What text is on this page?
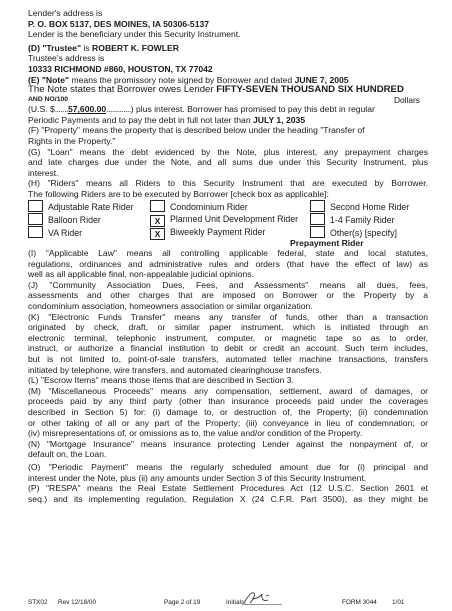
Lender's address is
P. O. BOX 5137, DES MOINES, IA 50306-5137
Lender is the beneficiary under this Security Instrument.
(D) "Trustee" is ROBERT K. FOWLER
Trustee's address is
10333 RICHMOND #860, HOUSTON, TX 77042
(E) "Note" means the promissory note signed by Borrower and dated JUNE 7, 2005
The Note states that Borrower owes Lender FIFTY-SEVEN THOUSAND SIX HUNDRED
AND NO/100	Dollars
(U.S. $.......57,600.00.............) plus interest. Borrower has promised to pay this debt in regular
Periodic Payments and to pay the debt in full not later than JULY 1, 2035
(F) "Property" means the property that is described below under the heading "Transfer of
Rights in the Property."
(G) "Loan" means the debt evidenced by the Note, plus interest, any prepayment charges
and late charges due under the Note, and all sums due under this Security Instrument, plus
interest.
(H) "Riders" means all Riders to this Security Instrument that are executed by Borrower.
The following Riders are to be executed by Borrower [check box as applicable]:
Adjustable Rate Rider	Condominium Rider	Second Home Rider
Balloon Rider	X Planned Unit Development Rider	1-4 Family Rider
VA Rider	X Biweekly Payment Rider	Other(s) [specify]
Prepayment Rider
(I) "Applicable Law" means all controlling applicable federal, state and local statutes,
regulations, ordinances and administrative rules and orders (that have the effect of law) as
well as all applicable final, non-appealable judicial opinions.
(J) "Community Association Dues, Fees, and Assessments" means all dues, fees,
assessments and other charges that are imposed on Borrower or the Property by a
condominium association, homeowners association or similar organization.
(K) "Electronic Funds Transfer" means any transfer of funds, other than a transaction
originated by check, draft, or similar paper instrument, which is initiated through an
electronic terminal, telephonic instrument, computer, or magnetic tape so as to order,
instruct, or authorize a financial institution to debit or credit an account. Such term includes,
but is not limited to, point-of-sale transfers, automated teller machine transactions, transfers
initiated by telephone, wire transfers, and automated clearinghouse transfers.
(L) "Escrow Items" means those items that are described in Section 3.
(M) "Miscellaneous Proceeds" means any compensation, settlement, award of damages, or
proceeds paid by any third party (other than insurance proceeds paid under the coverages
described in Section 5) for: (i) damage to, or destruction of, the Property; (ii) condemnation
or other taking of all or any part of the Property; (iii) conveyance in lieu of condemnation; or
(iv) misrepresentations of, or omissions as to, the value and/or condition of the Property.
(N) "Mortgage Insurance" means insurance protecting Lender against the nonpayment of, or
default on, the Loan.
(O) "Periodic Payment" means the regularly scheduled amount due for (i) principal and
interest under the Note, plus (ii) any amounts under Section 3 of this Security Instrument.
(P) "RESPA" means the Real Estate Settlement Procedures Act (12 U.S.C. Section 2601 et
seq.) and its implementing regulation, Regulation X (24 C.F.R. Part 3500), as they might be
STX02 Rev 12/18/00	Page 2 of 19	Initials:	FORM 3044 1/01
